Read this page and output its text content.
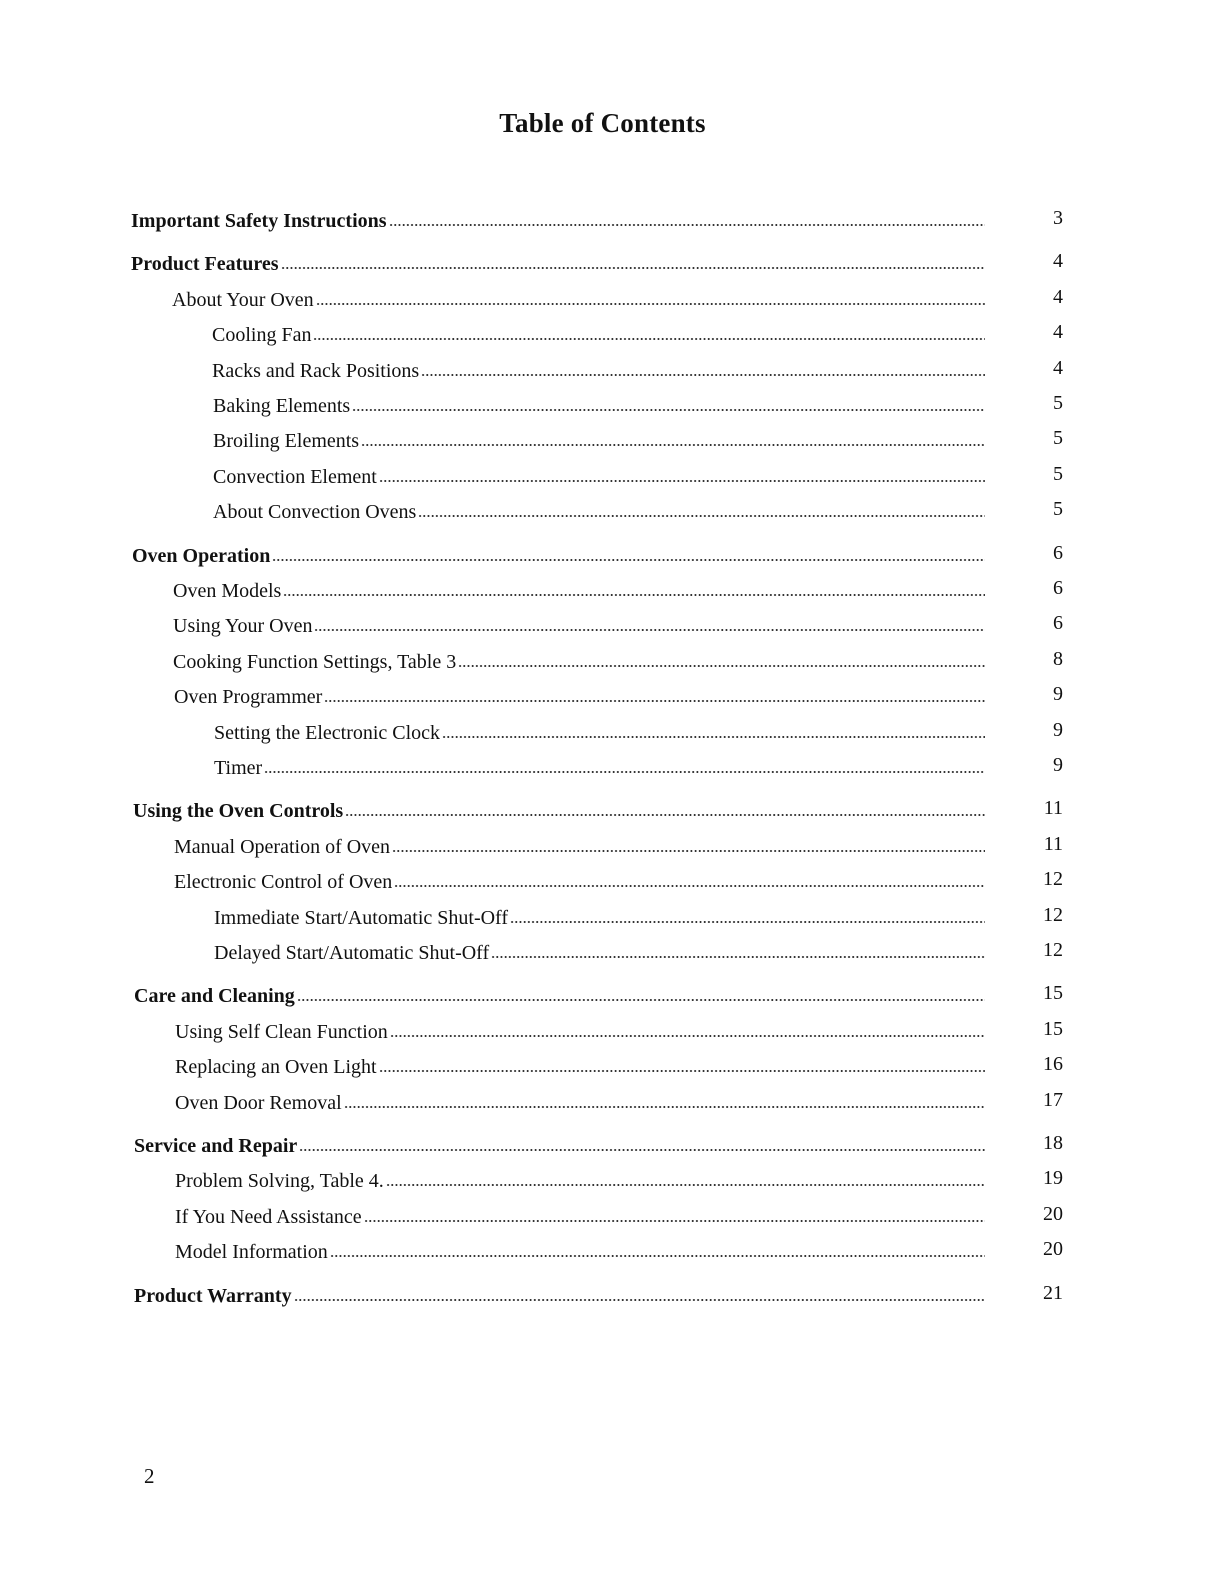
Table of Contents
Important Safety Instructions	3
Product Features	4
About Your Oven	4
Cooling Fan	4
Racks and Rack Positions	4
Baking Elements	5
Broiling Elements	5
Convection Element	5
About Convection Ovens	5
Oven Operation	6
Oven Models	6
Using Your Oven	6
Cooking Function Settings, Table 3	8
Oven Programmer	9
Setting the Electronic Clock	9
Timer	9
Using the Oven Controls	11
Manual Operation of Oven	11
Electronic Control of Oven	12
Immediate Start/Automatic Shut-Off	12
Delayed Start/Automatic Shut-Off	12
Care and Cleaning	15
Using Self Clean Function	15
Replacing an Oven Light	16
Oven Door Removal	17
Service and Repair	18
Problem Solving, Table 4.	19
If You Need Assistance	20
Model Information	20
Product Warranty	21
2
